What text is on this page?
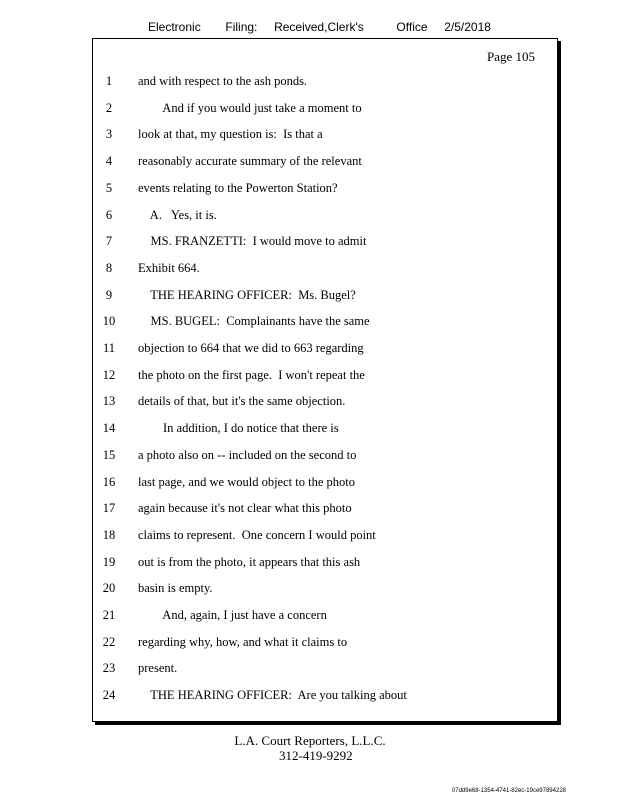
Electronic Filing: Received,Clerk's	Office 2/5/2018
Page 105
1	and with respect to the ash ponds.
2	And if you would just take a moment to
3	look at that, my question is:  Is that a
4	reasonably accurate summary of the relevant
5	events relating to the Powerton Station?
6	A.   Yes, it is.
7	MS. FRANZETTI:  I would move to admit
8	Exhibit 664.
9	THE HEARING OFFICER:  Ms. Bugel?
10	MS. BUGEL:  Complainants have the same
11	objection to 664 that we did to 663 regarding
12	the photo on the first page.  I won't repeat the
13	details of that, but it's the same objection.
14	In addition, I do notice that there is
15	a photo also on -- included on the second to
16	last page, and we would object to the photo
17	again because it's not clear what this photo
18	claims to represent.  One concern I would point
19	out is from the photo, it appears that this ash
20	basin is empty.
21	And, again, I just have a concern
22	regarding why, how, and what it claims to
23	present.
24	THE HEARING OFFICER:  Are you talking about
L.A. Court Reporters, L.L.C.
312-419-9292
07dd9e68-1354-4741-82ec-19ce97894228
